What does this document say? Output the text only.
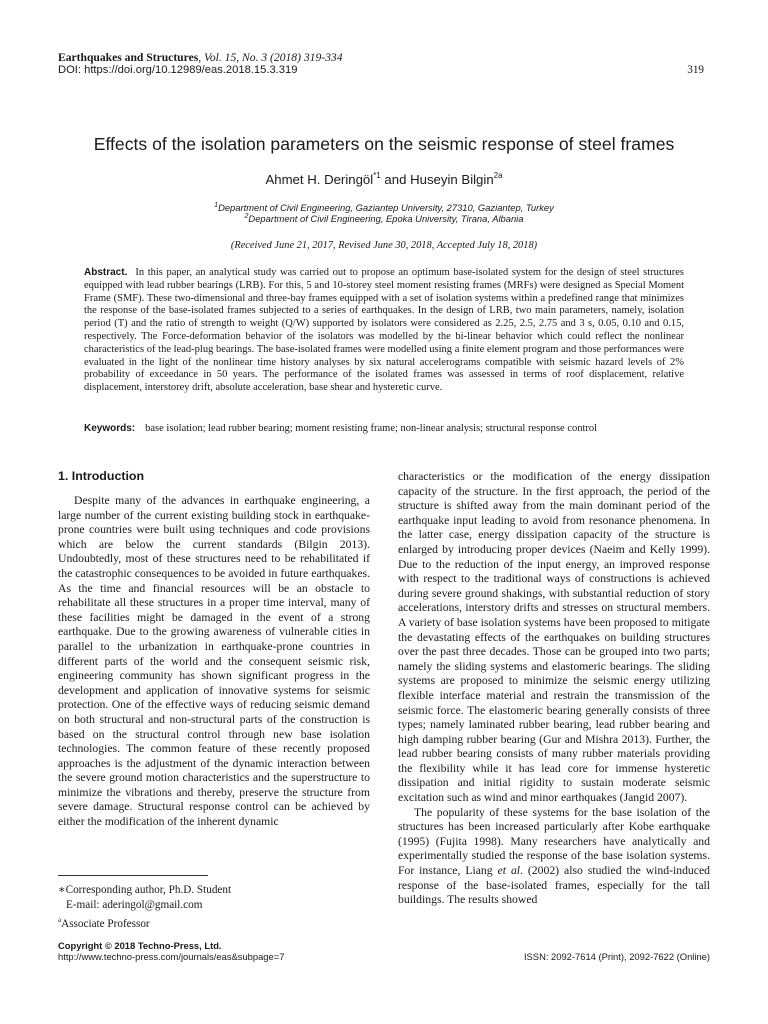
Earthquakes and Structures, Vol. 15, No. 3 (2018) 319-334
DOI: https://doi.org/10.12989/eas.2018.15.3.319	319
Effects of the isolation parameters on the seismic response of steel frames
Ahmet H. Deringöl$^{*1}$ and Huseyin Bilgin$^{2a}$
$^1$Department of Civil Engineering, Gaziantep University, 27310, Gaziantep, Turkey
$^2$Department of Civil Engineering, Epoka University, Tirana, Albania
(Received June 21, 2017, Revised June 30, 2018, Accepted July 18, 2018)
Abstract. In this paper, an analytical study was carried out to propose an optimum base-isolated system for the design of steel structures equipped with lead rubber bearings (LRB). For this, 5 and 10-storey steel moment resisting frames (MRFs) were designed as Special Moment Frame (SMF). These two-dimensional and three-bay frames equipped with a set of isolation systems within a predefined range that minimizes the response of the base-isolated frames subjected to a series of earthquakes. In the design of LRB, two main parameters, namely, isolation period (T) and the ratio of strength to weight (Q/W) supported by isolators were considered as 2.25, 2.5, 2.75 and 3 s, 0.05, 0.10 and 0.15, respectively. The Force-deformation behavior of the isolators was modelled by the bi-linear behavior which could reflect the nonlinear characteristics of the lead-plug bearings. The base-isolated frames were modelled using a finite element program and those performances were evaluated in the light of the nonlinear time history analyses by six natural accelerograms compatible with seismic hazard levels of 2% probability of exceedance in 50 years. The performance of the isolated frames was assessed in terms of roof displacement, relative displacement, interstorey drift, absolute acceleration, base shear and hysteretic curve.
Keywords: base isolation; lead rubber bearing; moment resisting frame; non-linear analysis; structural response control
1. Introduction

Despite many of the advances in earthquake engineering, a large number of the current existing building stock in earthquake-prone countries were built using techniques and code provisions which are below the current standards (Bilgin 2013). Undoubtedly, most of these structures need to be rehabilitated if the catastrophic consequences to be avoided in future earthquakes. As the time and financial resources will be an obstacle to rehabilitate all these structures in a proper time interval, many of these facilities might be damaged in the event of a strong earthquake. Due to the growing awareness of vulnerable cities in parallel to the urbanization in earthquake-prone countries in different parts of the world and the consequent seismic risk, engineering community has shown significant progress in the development and application of innovative systems for seismic protection. One of the effective ways of reducing seismic demand on both structural and non-structural parts of the construction is based on the structural control through new base isolation technologies. The common feature of these recently proposed approaches is the adjustment of the dynamic interaction between the severe ground motion characteristics and the superstructure to minimize the vibrations and thereby, preserve the structure from severe damage. Structural response control can be achieved by either the modification of the inherent dynamic

characteristics or the modification of the energy dissipation capacity of the structure. In the first approach, the period of the structure is shifted away from the main dominant period of the earthquake input leading to avoid from resonance phenomena. In the latter case, energy dissipation capacity of the structure is enlarged by introducing proper devices (Naeim and Kelly 1999). Due to the reduction of the input energy, an improved response with respect to the traditional ways of constructions is achieved during severe ground shakings, with substantial reduction of story accelerations, interstory drifts and stresses on structural members. A variety of base isolation systems have been proposed to mitigate the devastating effects of the earthquakes on building structures over the past three decades. Those can be grouped into two parts; namely the sliding systems and elastomeric bearings. The sliding systems are proposed to minimize the seismic energy utilizing flexible interface material and restrain the transmission of the seismic force. The elastomeric bearing generally consists of three types; namely laminated rubber bearing, lead rubber bearing and high damping rubber bearing (Gur and Mishra 2013). Further, the lead rubber bearing consists of many rubber materials providing the flexibility while it has lead core for immense hysteretic dissipation and initial rigidity to sustain moderate seismic excitation such as wind and minor earthquakes (Jangid 2007).

The popularity of these systems for the base isolation of the structures has been increased particularly after Kobe earthquake (1995) (Fujita 1998). Many researchers have analytically and experimentally studied the response of the base isolation systems. For instance, Liang et al. (2002) also studied the wind-induced response of the base-isolated frames, especially for the tall buildings. The results showed

∗Corresponding author, Ph.D. Student
E-mail: aderingol@gmail.com
$^a$Associate Professor
Copyright © 2018 Techno-Press, Ltd.
http://www.techno-press.com/journals/eas&subpage=7	ISSN: 2092-7614 (Print), 2092-7622 (Online)
